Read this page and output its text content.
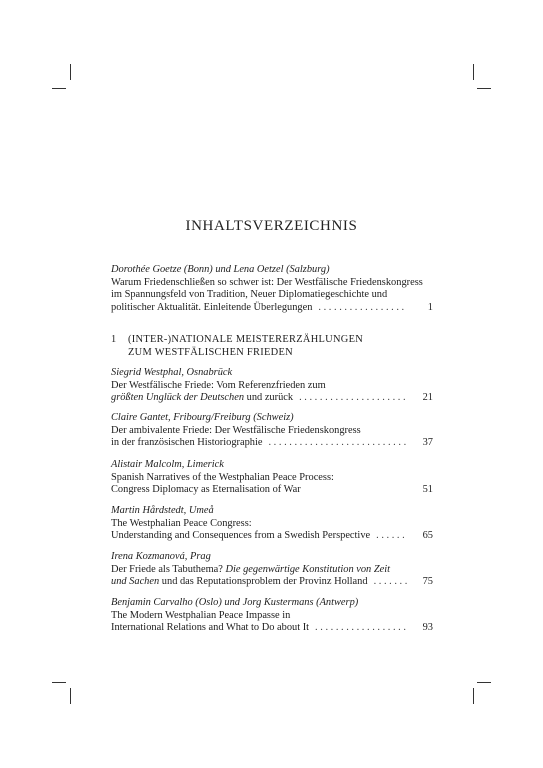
INHALTSVERZEICHNIS
Dorothée Goetze (Bonn) und Lena Oetzel (Salzburg)
Warum Friedenschließen so schwer ist: Der Westfälische Friedenskongress
im Spannungsfeld von Tradition, Neuer Diplomatiegeschichte und
politischer Aktualität. Einleitende Überlegungen . . .	1
1 (INTER-)NATIONALE MEISTERERZÄHLUNGEN
ZUM WESTFÄLISCHEN FRIEDEN
Siegrid Westphal, Osnabrück
Der Westfälische Friede: Vom Referenzfrieden zum
größten Unglück der Deutschen und zurück . . .	21
Claire Gantet, Fribourg/Freiburg (Schweiz)
Der ambivalente Friede: Der Westfälische Friedenskongress
in der französischen Historiographie . . .	37
Alistair Malcolm, Limerick
Spanish Narratives of the Westphalian Peace Process:
Congress Diplomacy as Eternalisation of War	51
Martin Hårdstedt, Umeå
The Westphalian Peace Congress:
Understanding and Consequences from a Swedish Perspective . . .	65
Irena Kozmanová, Prag
Der Friede als Tabuthema? Die gegenwärtige Konstitution von Zeit
und Sachen und das Reputationsproblem der Provinz Holland . . .	75
Benjamin Carvalho (Oslo) und Jorg Kustermans (Antwerp)
The Modern Westphalian Peace Impasse in
International Relations and What to Do about It . . .	93
